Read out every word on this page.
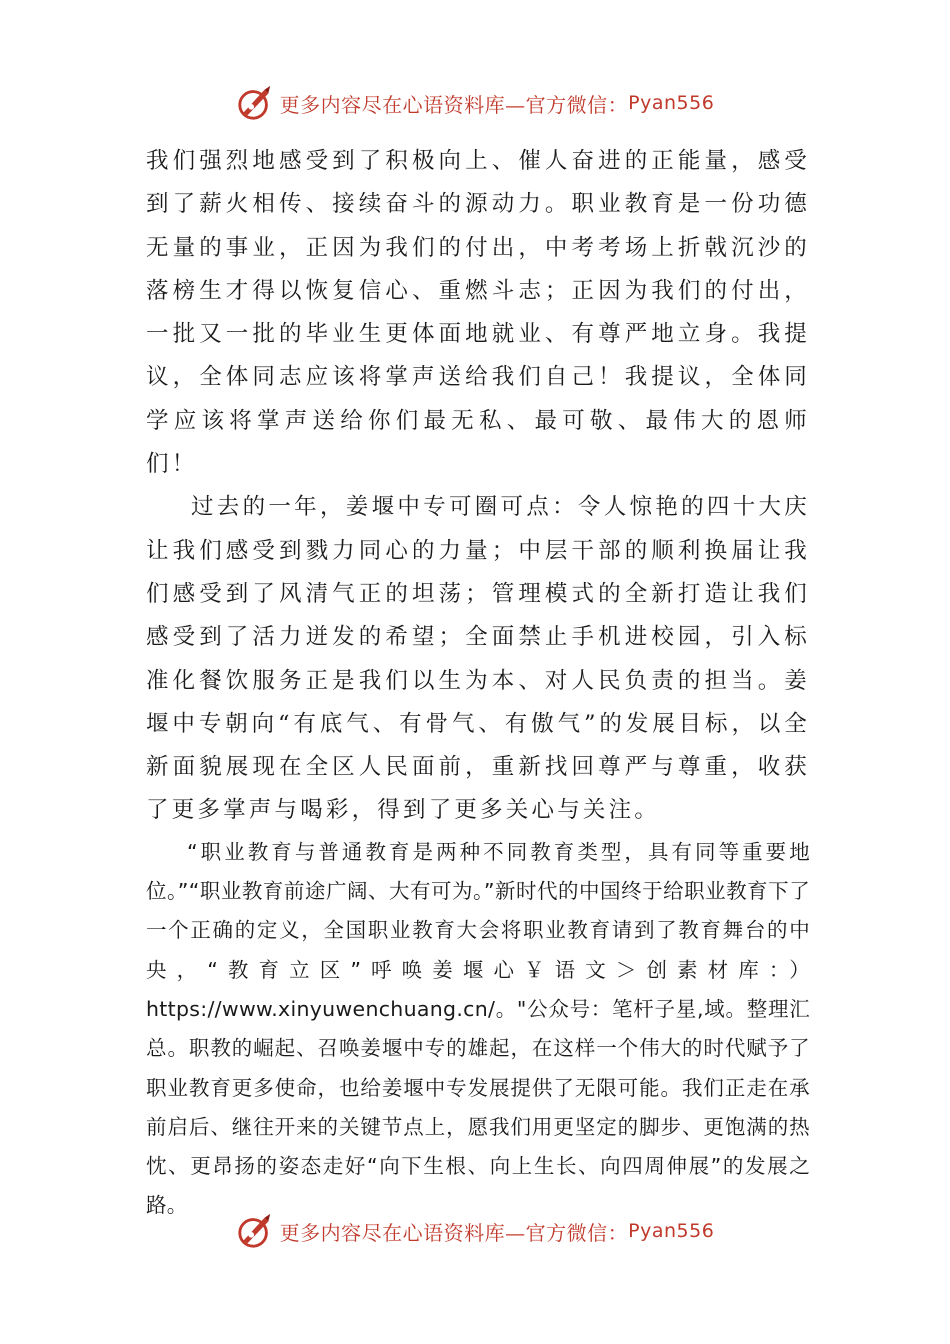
更多内容尽在心语资料库—官方微信： Pyan556

我们强烈地感受到了积极向上、催人奋进的正能量，感受到了薪火相传、接续奋斗的源动力。职业教育是一份功德无量的事业，正因为我们的付出，中考考场上折戟沉沙的落榜生才得以恢复信心、重燃斗志；正因为我们的付出，一批又一批的毕业生更体面地就业、有尊严地立身。我提议，全体同志应该将掌声送给我们自己！我提议，全体同学应该将掌声送给你们最无私、最可敬、最伟大的恩师们！

过去的一年，姜堰中专可圈可点：令人惊艳的四十大庆让我们感受到戮力同心的力量；中层干部的顺利换届让我们感受到了风清气正的坦荡；管理模式的全新打造让我们感受到了活力迸发的希望；全面禁止手机进校园，引入标准化餐饮服务正是我们以生为本、对人民负责的担当。姜堰中专朝向“有底气、有骨气、有傲气”的发展目标，以全新面貌展现在全区人民面前，重新找回尊严与尊重，收获了更多掌声与喝彩，得到了更多关心与关注。

“职业教育与普通教育是两种不同教育类型，具有同等重要地位。”“职业教育前途广阔、大有可为。”新时代的中国终于给职业教育下了一个正确的定义，全国职业教育大会将职业教育请到了教育舞台的中央，“教育立区”呼唤姜堰心￥语文＞创素材库：）https://www.xinyuwenchuang.cn/。"公众号：笔杆子星,域。整理汇总。职教的崛起、召唤姜堰中专的雄起，在这样一个伟大的时代赋予了职业教育更多使命，也给姜堰中专发展提供了无限可能。我们正走在承前启后、继往开来的关键节点上，愿我们用更坚定的脚步、更饱满的热忱、更昂扬的姿态走好“向下生根、向上生长、向四周伸展”的发展之路。

更多内容尽在心语资料库—官方微信： Pyan556
